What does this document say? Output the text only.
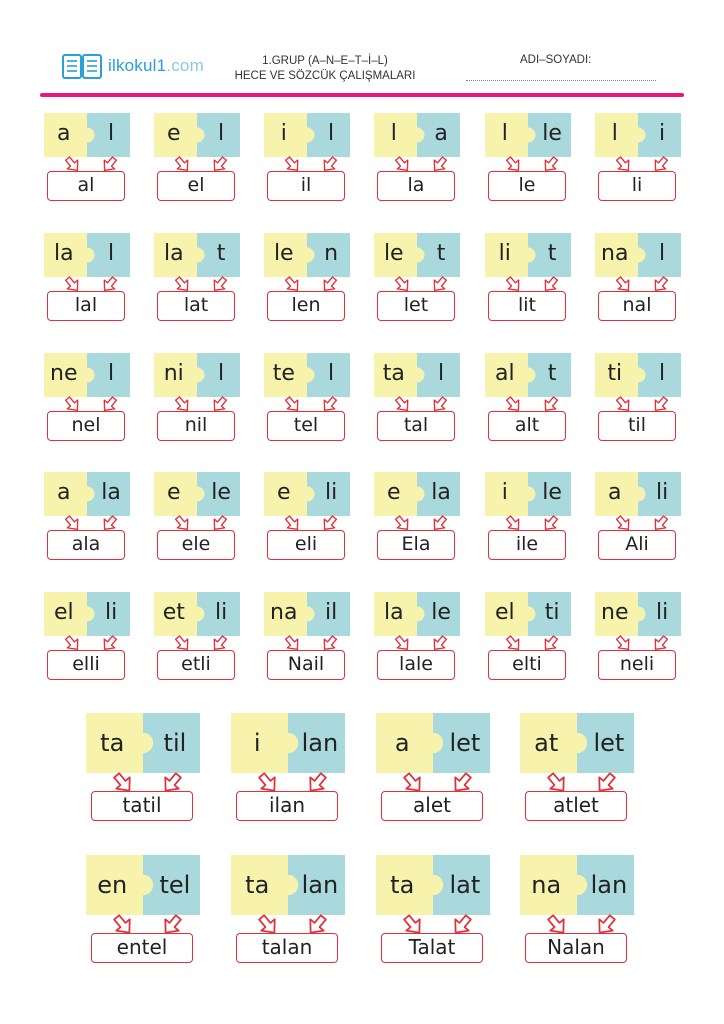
ilkokul1.com	1.GRUP (A–N–E–T–İ–L)
HECE VE SÖZCÜK ÇALIŞMALARI
ADI–SOYADI:
a	l
al
e	l
el
i	l
il
l	a
la
l	le
le
l	i
li
la	l
lal
la	t
lat
le	n
len
le	t
let
li	t
lit
na	l
nal
ne	l
nel
ni	l
nil
te	l
tel
ta	l
tal
al	t
alt
ti	l
til
a	la
ala
e	le
ele
e	li
eli
e	la
Ela
i	le
ile
a	li
Ali
el	li
elli
et	li
etli
na	il
Nail
la	le
lale
el	ti
elti
ne	li
neli
ta	til
tatil
i	lan
ilan
a	let
alet
at	let
atlet
en	tel
entel
ta	lan
talan
ta	lat
Talat
na	lan
Nalan
